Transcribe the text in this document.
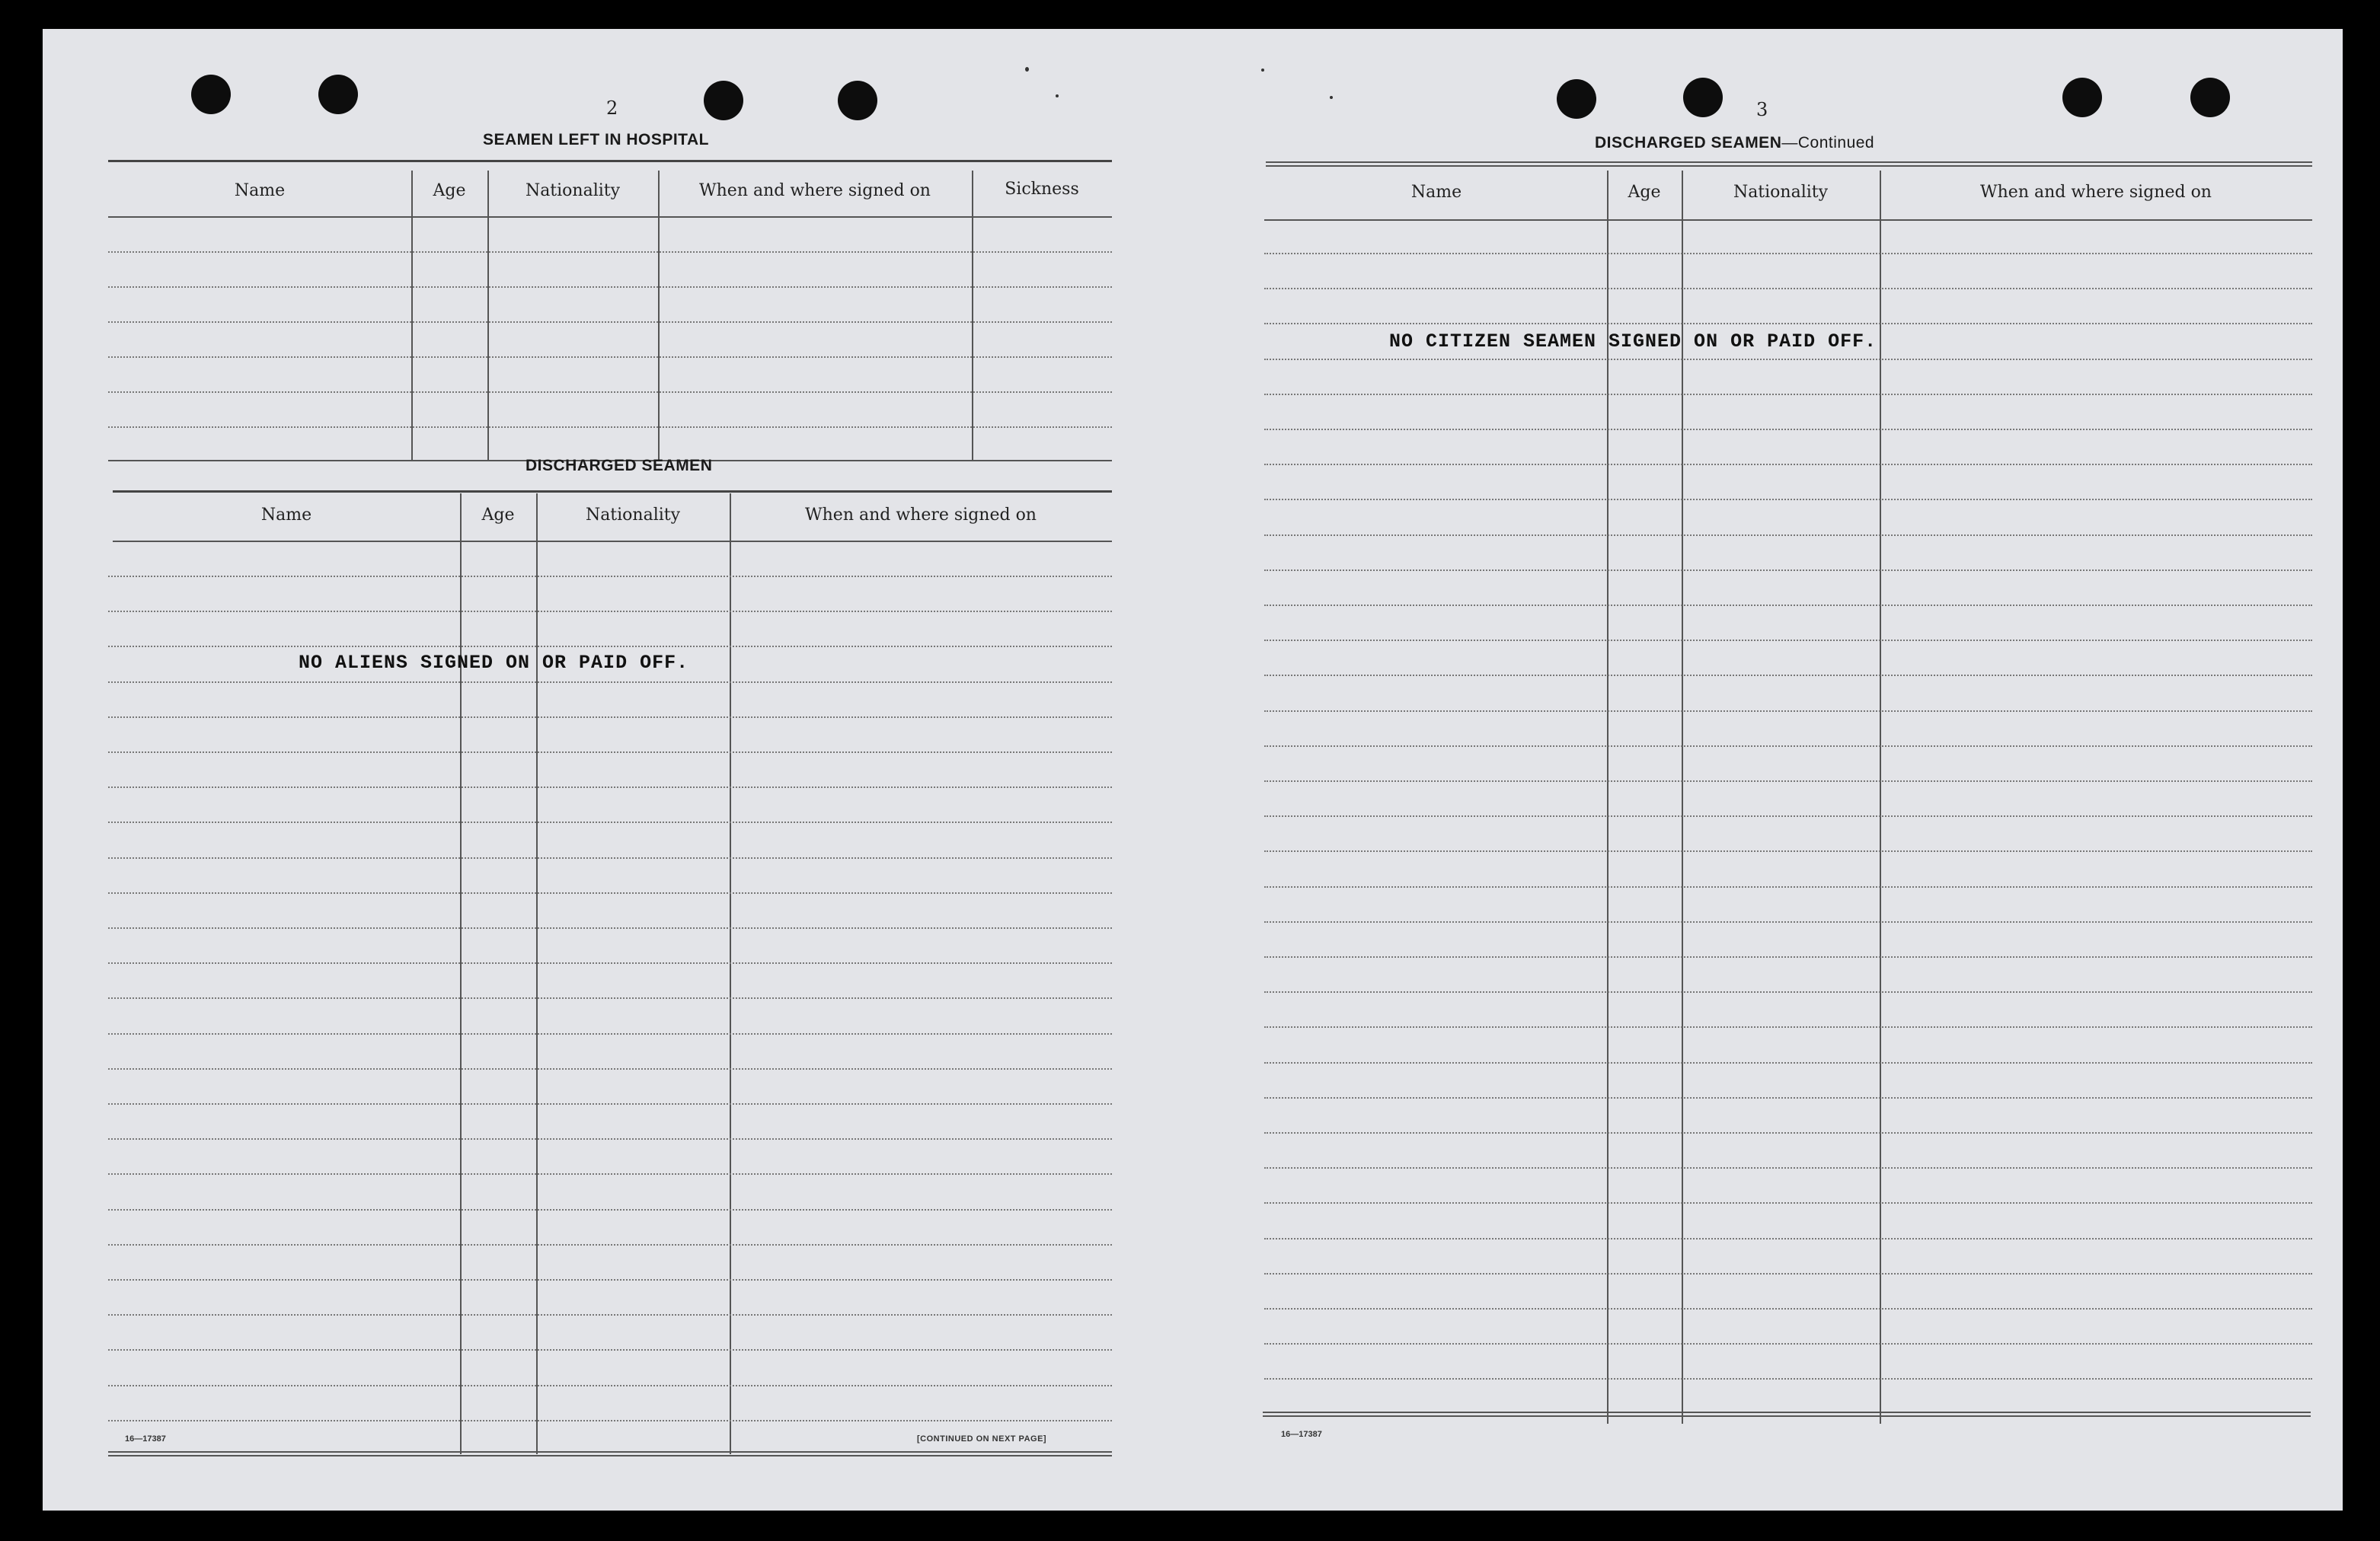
2
SEAMEN LEFT IN HOSPITAL
Name	Age	Nationality	When and where signed on	Sickness
DISCHARGED SEAMEN
Name	Age	Nationality	When and where signed on
NO ALIENS SIGNED ON OR PAID OFF.
16—17387	[CONTINUED ON NEXT PAGE]
3
DISCHARGED SEAMEN—Continued
Name	Age	Nationality	When and where signed on
NO CITIZEN SEAMEN SIGNED ON OR PAID OFF.
16—17387
